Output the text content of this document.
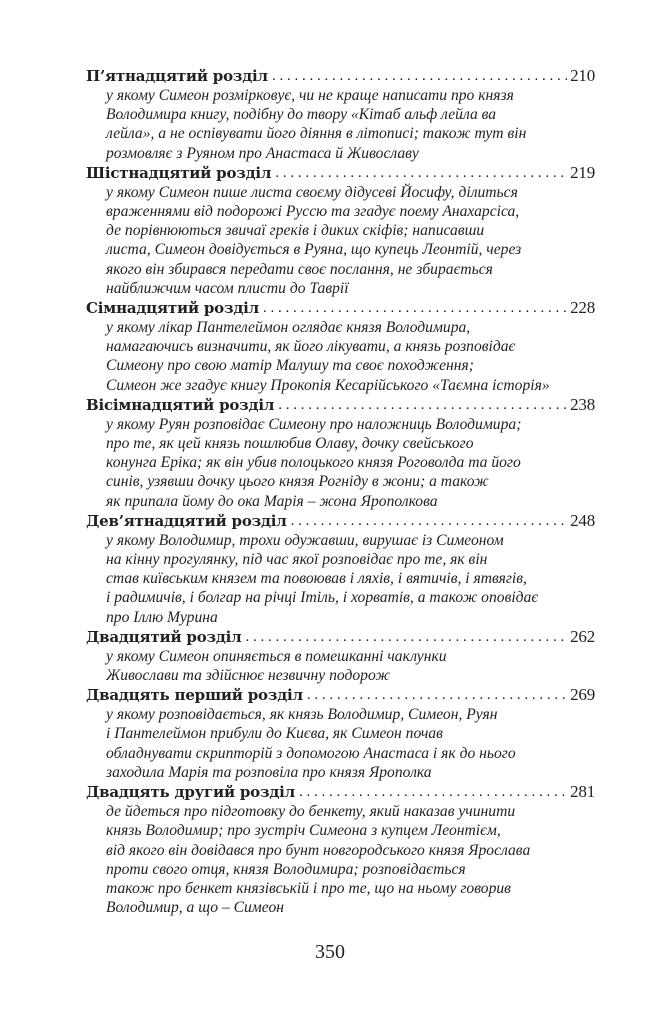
П’ятнадцятий розділ . . .	210
у якому Симеон розмірковує, чи не краще написати про князя
Володимира книгу, подібну до твору «Кітаб альф лейла ва
лейла», а не оспівувати його діяння в літописі; також тут він
розмовляє з Руяном про Анастаса й Живославу
Шістнадцятий розділ . . .	219
у якому Симеон пише листа своєму дідусеві Йосифу, ділиться
враженнями від подорожі Руссю та згадує поему Анахарсіса,
де порівнюються звичаї греків і диких скіфів; написавши
листа, Симеон довідується в Руяна, що купець Леонтій, через
якого він збирався передати своє послання, не збирається
найближчим часом плисти до Таврії
Сімнадцятий розділ . . .	228
у якому лікар Пантелеймон оглядає князя Володимира,
намагаючись визначити, як його лікувати, а князь розповідає
Симеону про свою матір Малушу та своє походження;
Симеон же згадує книгу Прокопія Кесарійського «Таємна історія»
Вісімнадцятий розділ . . .	238
у якому Руян розповідає Симеону про наложниць Володимира;
про те, як цей князь пошлюбив Олаву, дочку свейського
конунга Еріка; як він убив полоцького князя Роговолда та його
синів, узявши дочку цього князя Рогніду в жони; а також
як припала йому до ока Марія – жона Ярополкова
Дев’ятнадцятий розділ . . .	248
у якому Володимир, трохи одужавши, вирушає із Симеоном
на кінну прогулянку, під час якої розповідає про те, як він
став київським князем та повоював і ляхів, і вятичів, і ятвягів,
і радимичів, і болгар на річці Ітіль, і хорватів, а також оповідає
про Іллю Мурина
Двадцятий розділ . . .	262
у якому Симеон опиняється в помешканні чаклунки
Живослави та здійснює незвичну подорож
Двадцять перший розділ . . .	269
у якому розповідається, як князь Володимир, Симеон, Руян
і Пантелеймон прибули до Києва, як Симеон почав
обладнувати скрипторій з допомогою Анастаса і як до нього
заходила Марія та розповіла про князя Ярополка
Двадцять другий розділ . . .	281
де йдеться про підготовку до бенкету, який наказав учинити
князь Володимир; про зустріч Симеона з купцем Леонтієм,
від якого він довідався про бунт новгородського князя Ярослава
проти свого отця, князя Володимира; розповідається
також про бенкет князівській і про те, що на ньому говорив
Володимир, а що – Симеон
350
